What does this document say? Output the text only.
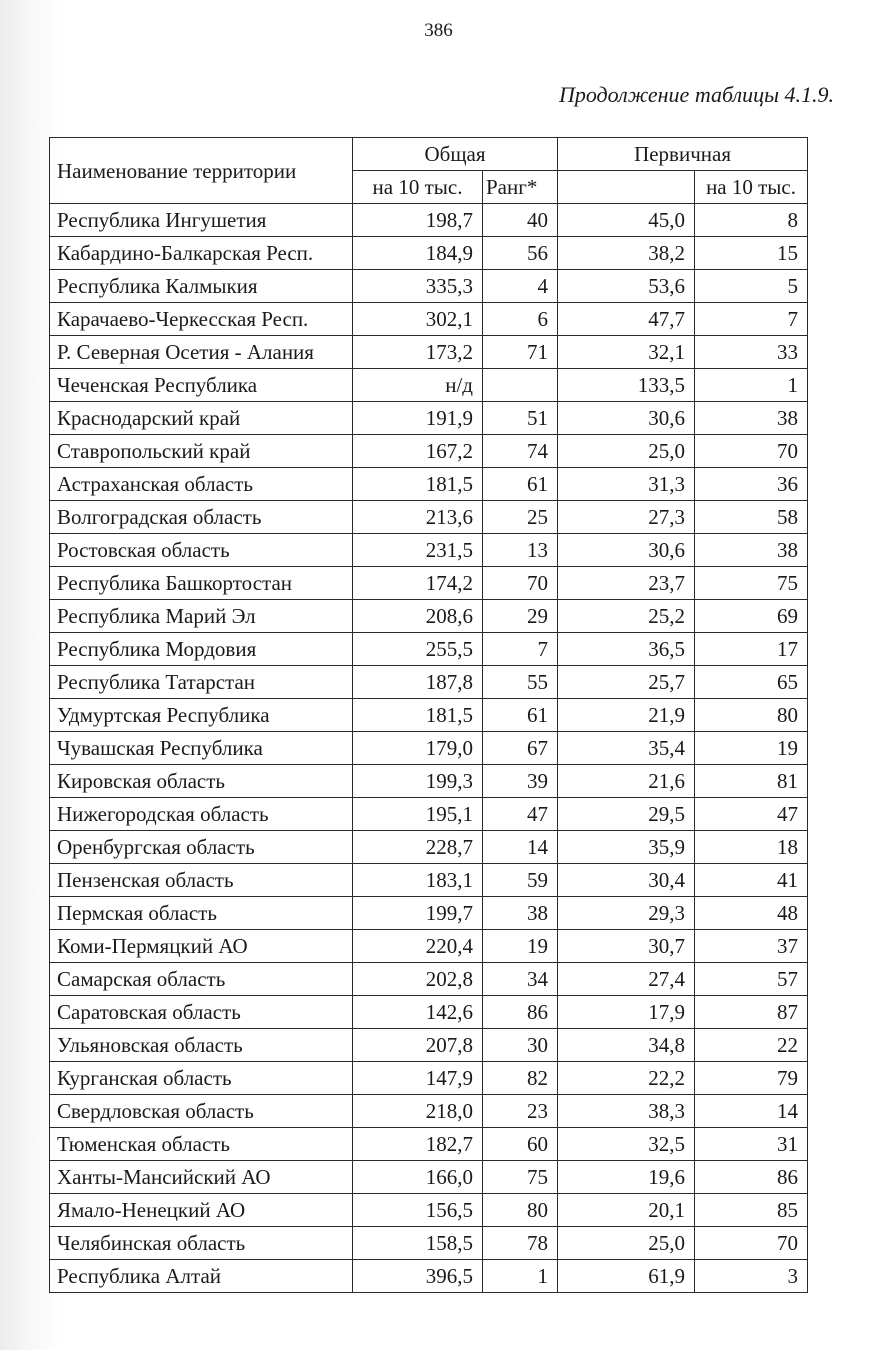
386
Продолжение таблицы 4.1.9.
Наименование территории	Общая		Первичная	
	на 10 тыс.	Ранг*		на 10 тыс.
Республика Ингушетия	198,7	40	45,0	8
Кабардино-Балкарская Респ.	184,9	56	38,2	15
Республика Калмыкия	335,3	4	53,6	5
Карачаево-Черкесская Респ.	302,1	6	47,7	7
Р. Северная Осетия - Алания	173,2	71	32,1	33
Чеченская Республика	н/д		133,5	1
Краснодарский край	191,9	51	30,6	38
Ставропольский край	167,2	74	25,0	70
Астраханская область	181,5	61	31,3	36
Волгоградская область	213,6	25	27,3	58
Ростовская область	231,5	13	30,6	38
Республика Башкортостан	174,2	70	23,7	75
Республика Марий Эл	208,6	29	25,2	69
Республика Мордовия	255,5	7	36,5	17
Республика Татарстан	187,8	55	25,7	65
Удмуртская Республика	181,5	61	21,9	80
Чувашская Республика	179,0	67	35,4	19
Кировская область	199,3	39	21,6	81
Нижегородская область	195,1	47	29,5	47
Оренбургская область	228,7	14	35,9	18
Пензенская область	183,1	59	30,4	41
Пермская область	199,7	38	29,3	48
Коми-Пермяцкий АО	220,4	19	30,7	37
Самарская область	202,8	34	27,4	57
Саратовская область	142,6	86	17,9	87
Ульяновская область	207,8	30	34,8	22
Курганская область	147,9	82	22,2	79
Свердловская область	218,0	23	38,3	14
Тюменская область	182,7	60	32,5	31
Ханты-Мансийский АО	166,0	75	19,6	86
Ямало-Ненецкий АО	156,5	80	20,1	85
Челябинская область	158,5	78	25,0	70
Республика Алтай	396,5	1	61,9	3
